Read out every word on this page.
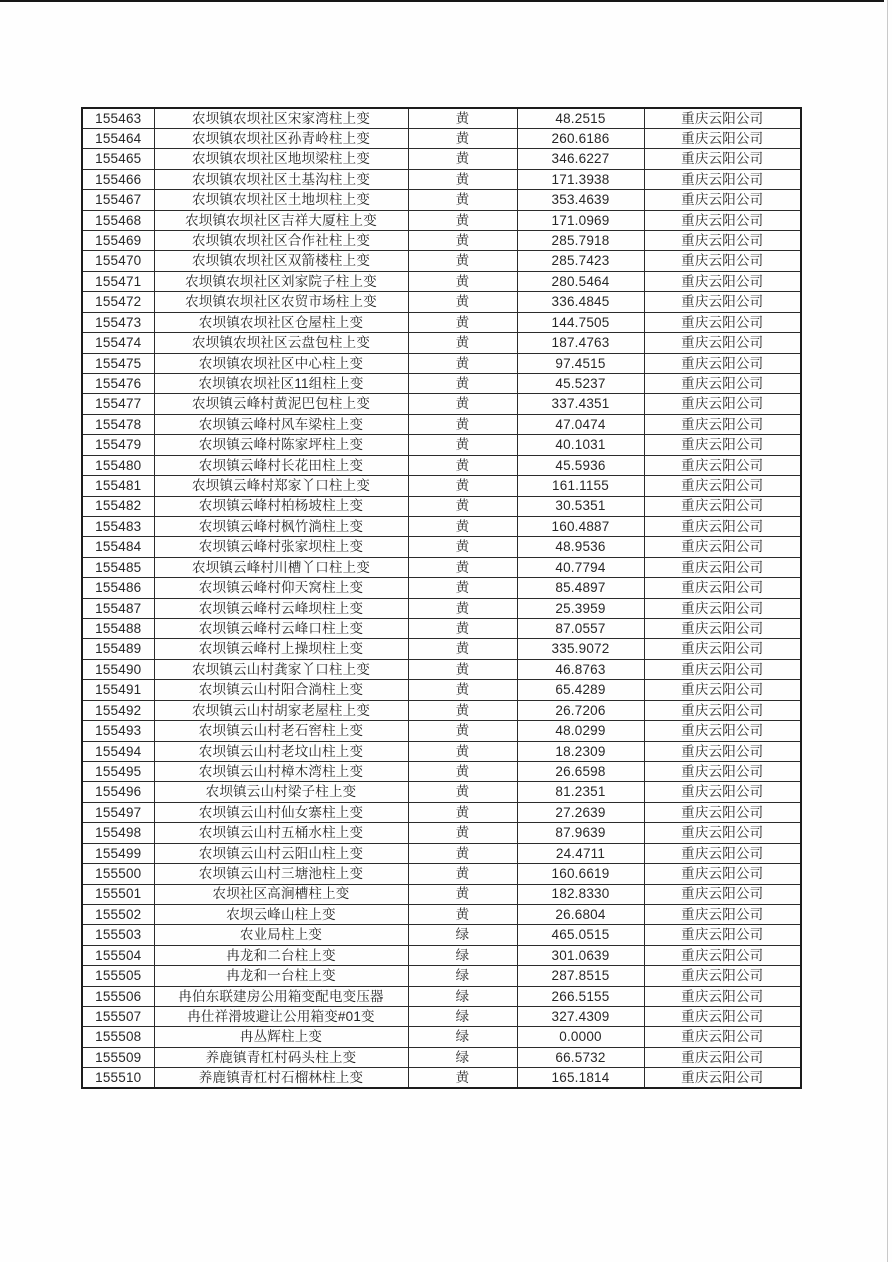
155463	农坝镇农坝社区宋家湾柱上变	黄	48.2515	重庆云阳公司
155464	农坝镇农坝社区孙青岭柱上变	黄	260.6186	重庆云阳公司
155465	农坝镇农坝社区地坝梁柱上变	黄	346.6227	重庆云阳公司
155466	农坝镇农坝社区土基沟柱上变	黄	171.3938	重庆云阳公司
155467	农坝镇农坝社区土地坝柱上变	黄	353.4639	重庆云阳公司
155468	农坝镇农坝社区吉祥大厦柱上变	黄	171.0969	重庆云阳公司
155469	农坝镇农坝社区合作社柱上变	黄	285.7918	重庆云阳公司
155470	农坝镇农坝社区双箭楼柱上变	黄	285.7423	重庆云阳公司
155471	农坝镇农坝社区刘家院子柱上变	黄	280.5464	重庆云阳公司
155472	农坝镇农坝社区农贸市场柱上变	黄	336.4845	重庆云阳公司
155473	农坝镇农坝社区仓屋柱上变	黄	144.7505	重庆云阳公司
155474	农坝镇农坝社区云盘包柱上变	黄	187.4763	重庆云阳公司
155475	农坝镇农坝社区中心柱上变	黄	97.4515	重庆云阳公司
155476	农坝镇农坝社区11组柱上变	黄	45.5237	重庆云阳公司
155477	农坝镇云峰村黄泥巴包柱上变	黄	337.4351	重庆云阳公司
155478	农坝镇云峰村风车梁柱上变	黄	47.0474	重庆云阳公司
155479	农坝镇云峰村陈家坪柱上变	黄	40.1031	重庆云阳公司
155480	农坝镇云峰村长花田柱上变	黄	45.5936	重庆云阳公司
155481	农坝镇云峰村郑家丫口柱上变	黄	161.1155	重庆云阳公司
155482	农坝镇云峰村柏杨坡柱上变	黄	30.5351	重庆云阳公司
155483	农坝镇云峰村枫竹淌柱上变	黄	160.4887	重庆云阳公司
155484	农坝镇云峰村张家坝柱上变	黄	48.9536	重庆云阳公司
155485	农坝镇云峰村川槽丫口柱上变	黄	40.7794	重庆云阳公司
155486	农坝镇云峰村仰天窝柱上变	黄	85.4897	重庆云阳公司
155487	农坝镇云峰村云峰坝柱上变	黄	25.3959	重庆云阳公司
155488	农坝镇云峰村云峰口柱上变	黄	87.0557	重庆云阳公司
155489	农坝镇云峰村上操坝柱上变	黄	335.9072	重庆云阳公司
155490	农坝镇云山村龚家丫口柱上变	黄	46.8763	重庆云阳公司
155491	农坝镇云山村阳合淌柱上变	黄	65.4289	重庆云阳公司
155492	农坝镇云山村胡家老屋柱上变	黄	26.7206	重庆云阳公司
155493	农坝镇云山村老石窖柱上变	黄	48.0299	重庆云阳公司
155494	农坝镇云山村老坟山柱上变	黄	18.2309	重庆云阳公司
155495	农坝镇云山村樟木湾柱上变	黄	26.6598	重庆云阳公司
155496	农坝镇云山村梁子柱上变	黄	81.2351	重庆云阳公司
155497	农坝镇云山村仙女寨柱上变	黄	27.2639	重庆云阳公司
155498	农坝镇云山村五桶水柱上变	黄	87.9639	重庆云阳公司
155499	农坝镇云山村云阳山柱上变	黄	24.4711	重庆云阳公司
155500	农坝镇云山村三塘池柱上变	黄	160.6619	重庆云阳公司
155501	农坝社区高涧槽柱上变	黄	182.8330	重庆云阳公司
155502	农坝云峰山柱上变	黄	26.6804	重庆云阳公司
155503	农业局柱上变	绿	465.0515	重庆云阳公司
155504	冉龙和二台柱上变	绿	301.0639	重庆云阳公司
155505	冉龙和一台柱上变	绿	287.8515	重庆云阳公司
155506	冉伯东联建房公用箱变配电变压器	绿	266.5155	重庆云阳公司
155507	冉仕祥滑坡避让公用箱变#01变	绿	327.4309	重庆云阳公司
155508	冉丛辉柱上变	绿	0.0000	重庆云阳公司
155509	养鹿镇青杠村码头柱上变	绿	66.5732	重庆云阳公司
155510	养鹿镇青杠村石榴林柱上变	黄	165.1814	重庆云阳公司
